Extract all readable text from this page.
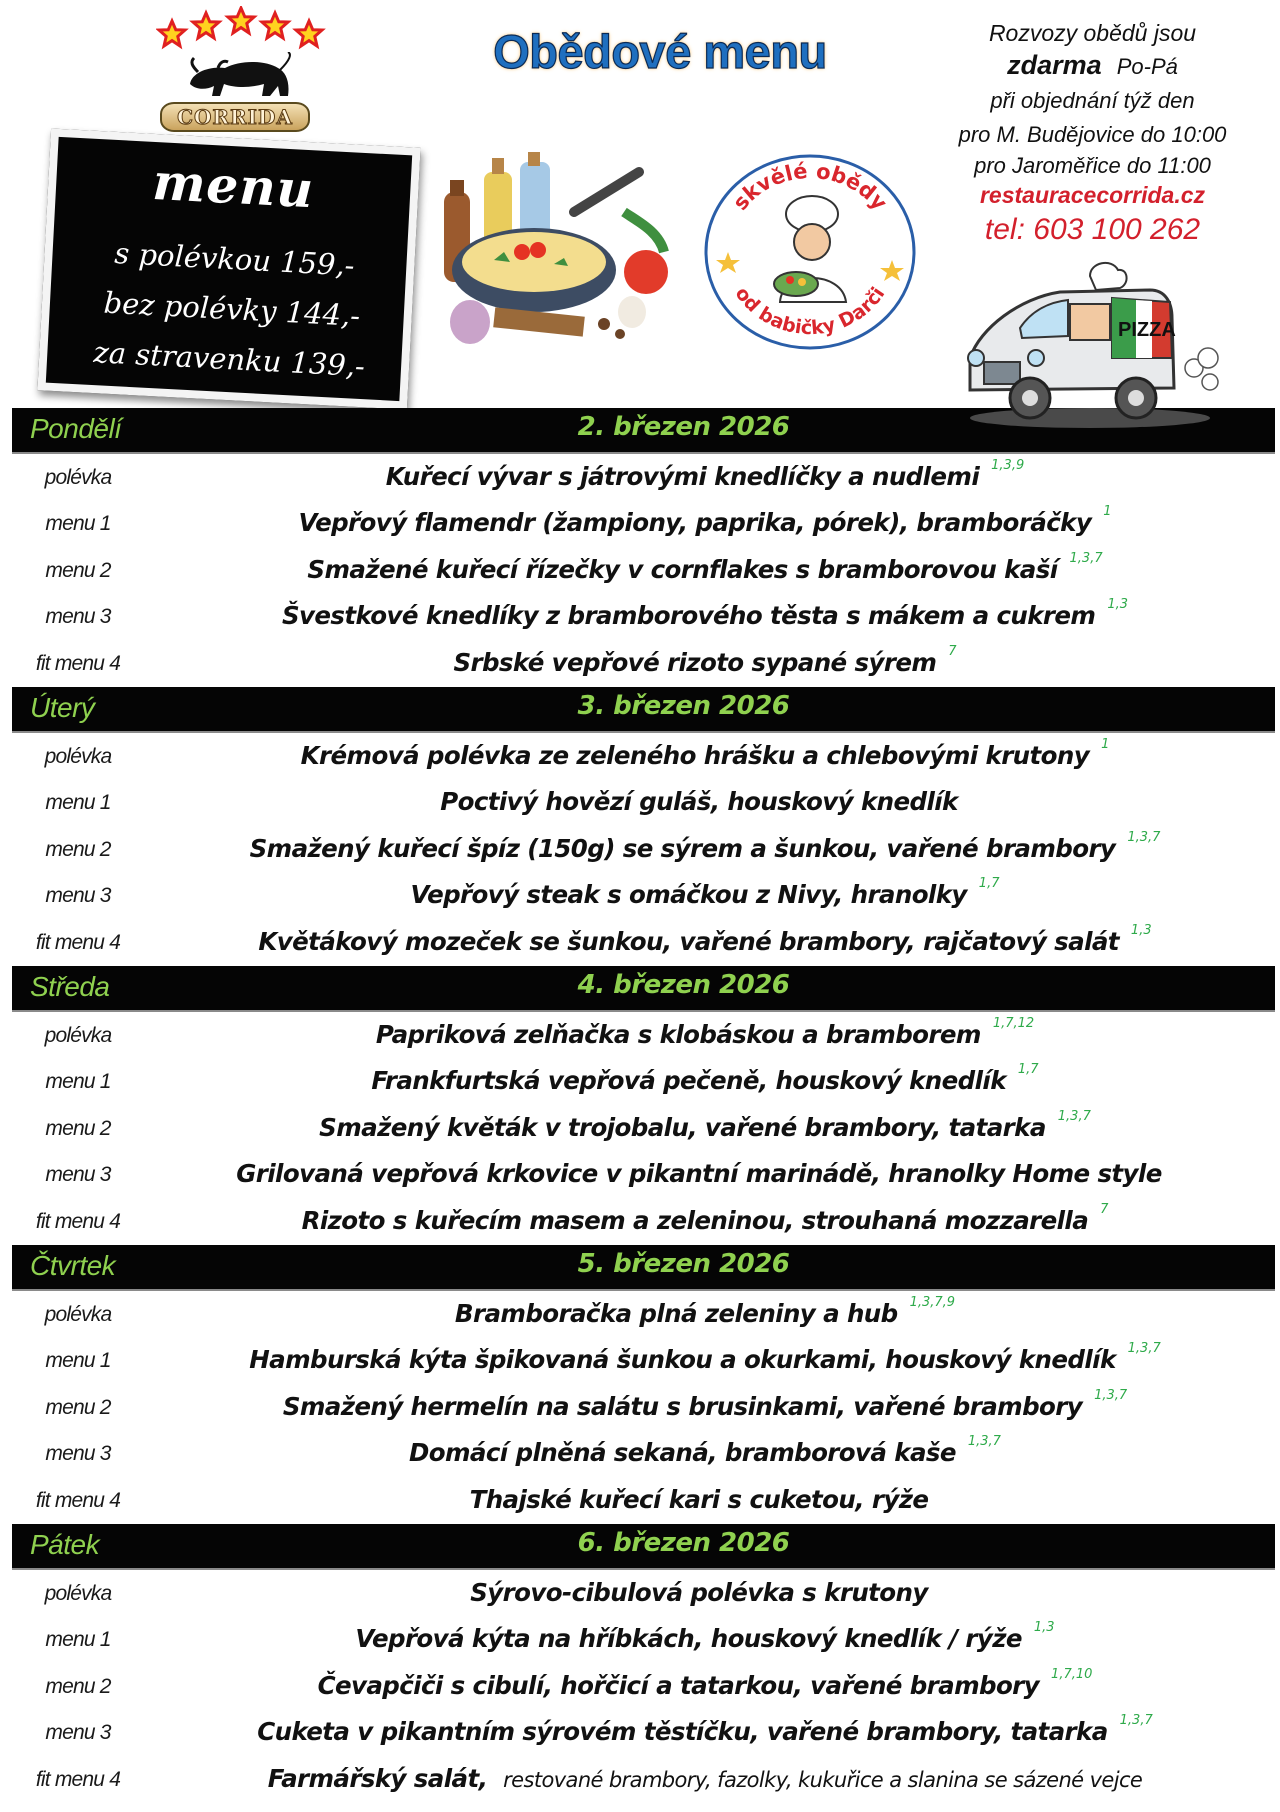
CORRIDA
Obědové menu
menu
s polévkou 159,-
bez polévky 144,-
za stravenku 139,-
skvělé obědy
od babičky Darči
Rozvozy obědů jsou
zdarma Po-Pá
při objednání týž den
pro M. Budějovice do 10:00
pro Jaroměřice do 11:00
restauracecorrida.cz
tel: 603 100 262
PIZZA
Pondělí	2. březen 2026
polévka	Kuřecí vývar s játrovými knedlíčky a nudlemi $^{1,3,9}$
menu 1	Vepřový flamendr (žampiony, paprika, pórek), bramboráčky $^1$
menu 2	Smažené kuřecí řízečky v cornflakes s bramborovou kaší $^{1,3,7}$
menu 3	Švestkové knedlíky z bramborového těsta s mákem a cukrem $^{1,3}$
fit menu 4	Srbské vepřové rizoto sypané sýrem $^7$
Úterý	3. březen 2026
polévka	Krémová polévka ze zeleného hrášku a chlebovými krutony $^1$
menu 1	Poctivý hovězí guláš, houskový knedlík
menu 2	Smažený kuřecí špíz (150g) se sýrem a šunkou, vařené brambory $^{1,3,7}$
menu 3	Vepřový steak s omáčkou z Nivy, hranolky $^{1,7}$
fit menu 4	Květákový mozeček se šunkou, vařené brambory, rajčatový salát $^{1,3}$
Středa	4. březen 2026
polévka	Papriková zelňačka s klobáskou a bramborem $^{1,7,12}$
menu 1	Frankfurtská vepřová pečeně, houskový knedlík $^{1,7}$
menu 2	Smažený květák v trojobalu, vařené brambory, tatarka $^{1,3,7}$
menu 3	Grilovaná vepřová krkovice v pikantní marinádě, hranolky Home style
fit menu 4	Rizoto s kuřecím masem a zeleninou, strouhaná mozzarella $^7$
Čtvrtek	5. březen 2026
polévka	Bramboračka plná zeleniny a hub $^{1,3,7,9}$
menu 1	Hamburská kýta špikovaná šunkou a okurkami, houskový knedlík $^{1,3,7}$
menu 2	Smažený hermelín na salátu s brusinkami, vařené brambory $^{1,3,7}$
menu 3	Domácí plněná sekaná, bramborová kaše $^{1,3,7}$
fit menu 4	Thajské kuřecí kari s cuketou, rýže
Pátek	6. březen 2026
polévka	Sýrovo-cibulová polévka s krutony
menu 1	Vepřová kýta na hříbkách, houskový knedlík / rýže $^{1,3}$
menu 2	Čevapčiči s cibulí, hořčicí a tatarkou, vařené brambory $^{1,7,10}$
menu 3	Cuketa v pikantním sýrovém těstíčku, vařené brambory, tatarka $^{1,3,7}$
fit menu 4	Farmářský salát, restované brambory, fazolky, kukuřice a slanina se sázené vejce
